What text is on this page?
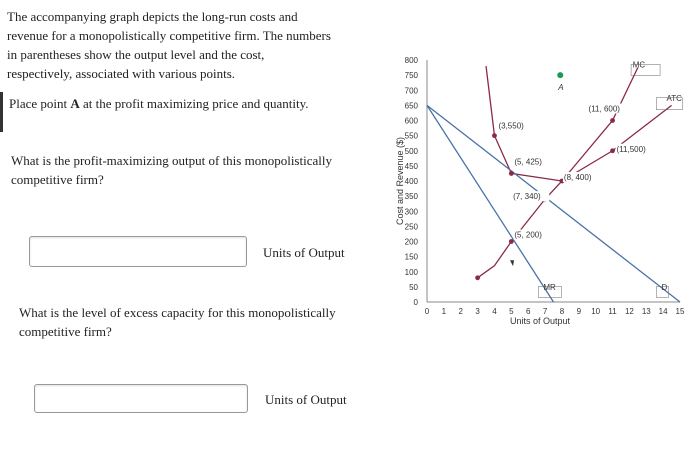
The accompanying graph depicts the long-run costs and
revenue for a monopolistically competitive firm. The numbers
in parentheses show the output level and the cost,
respectively, associated with various points.

Place point A at the profit maximizing price and quantity.

What is the profit-maximizing output of this monopolistically
competitive firm?

Units of Output

What is the level of excess capacity for this monopolistically
competitive firm?

Units of Output
0
50
100
150
200
250
300
350
400
450
500
550
600
650
700
750
800
0 1 2 3 4 5 6 7 8 9 10 11 12 13 14 15
(3,550)
(5, 425)
(7, 340)
(5, 200)
(8, 400)
(11, 600)
(11,500)
A
MC
ATC
D
MR
Cost and Revenue ($)
Units of Output
